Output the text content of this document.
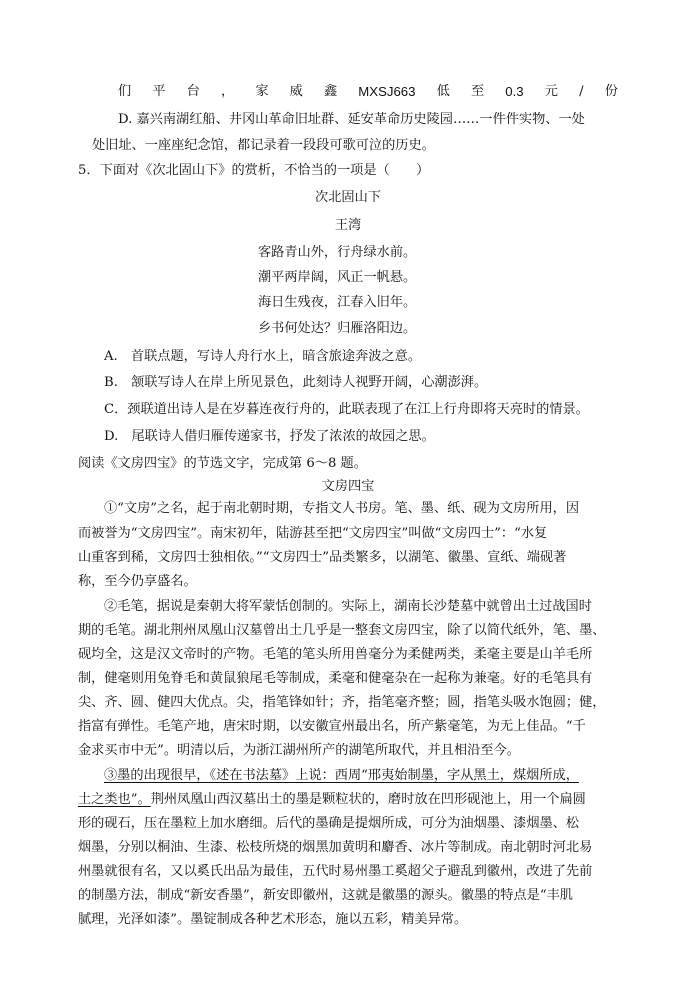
们 平 台 ， 家 威 鑫 MXSJ663 低 至 0.3 元 / 份
D. 嘉兴南湖红船、井冈山革命旧址群、延安革命历史陵园……一件件实物、一处
处旧址、一座座纪念馆，都记录着一段段可歌可泣的历史。
5．下面对《次北固山下》的赏析，不恰当的一项是（　　）
次北固山下
王湾
客路青山外，行舟绿水前。
潮平两岸阔，风正一帆悬。
海日生残夜，江春入旧年。
乡书何处达？归雁洛阳边。
A.　首联点题，写诗人舟行水上，暗含旅途奔波之意。
B.　颔联写诗人在岸上所见景色，此刻诗人视野开阔，心潮澎湃。
C．颈联道出诗人是在岁暮连夜行舟的，此联表现了在江上行舟即将天亮时的情景。
D.　尾联诗人借归雁传递家书，抒发了浓浓的故园之思。
阅读《文房四宝》的节选文字，完成第 6～8 题。
文房四宝
①“文房”之名，起于南北朝时期，专指文人书房。笔、墨、纸、砚为文房所用，因
而被誉为“文房四宝”。南宋初年，陆游甚至把“文房四宝”叫做“文房四士”：“水复
山重客到稀，文房四士独相依。”“文房四士”品类繁多，以湖笔、徽墨、宣纸、端砚著
称，至今仍享盛名。
②毛笔，据说是秦朝大将军蒙恬创制的。实际上，湖南长沙楚墓中就曾出土过战国时
期的毛笔。湖北荆州凤凰山汉墓曾出土几乎是一整套文房四宝，除了以简代纸外，笔、墨、
砚均全，这是汉文帝时的产物。毛笔的笔头所用兽毫分为柔健两类，柔毫主要是山羊毛所
制，健毫则用兔脊毛和黄鼠狼尾毛等制成，柔毫和健毫杂在一起称为兼毫。好的毛笔具有
尖、齐、圆、健四大优点。尖，指笔锋如针；齐，指笔毫齐整；圆，指笔头吸水饱圆；健，
指富有弹性。毛笔产地，唐宋时期，以安徽宣州最出名，所产紫毫笔，为无上佳品。“千
金求买市中无”。明清以后，为浙江湖州所产的湖笔所取代，并且相沿至今。
③墨的出现很早，《述在书法墓》上说：西周“邢夷始制墨，字从黑土，煤烟所成，
土之类也”。荆州凤凰山西汉墓出土的墨是颗粒状的，磨时放在凹形砚池上，用一个扁圆
形的砚石，压在墨粒上加水磨细。后代的墨确是提烟所成，可分为油烟墨、漆烟墨、松
烟墨，分别以桐油、生漆、松枝所烧的烟黑加黄明和麝香、冰片等制成。南北朝时河北易
州墨就很有名，又以奚氏出品为最佳，五代时易州墨工奚超父子避乱到徽州，改进了先前
的制墨方法，制成“新安香墨”，新安即徽州，这就是徽墨的源头。徽墨的特点是“丰肌
腻理，光泽如漆”。墨锭制成各种艺术形态，施以五彩，精美异常。
